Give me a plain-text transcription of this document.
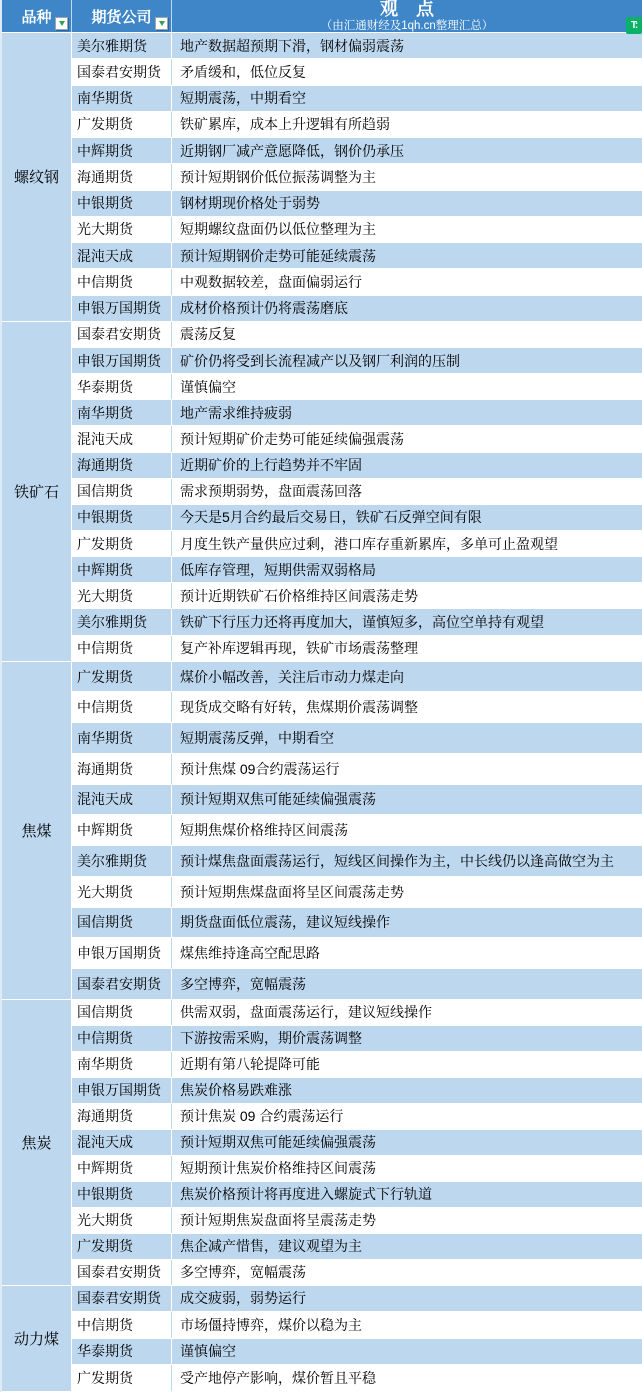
品种	期货公司	观　点
（由汇通财经及1qh.cn整理汇总）	T:
螺纹钢
美尔雅期货	地产数据超预期下滑，钢材偏弱震荡
国泰君安期货	矛盾缓和，低位反复
南华期货	短期震荡，中期看空
广发期货	铁矿累库，成本上升逻辑有所趋弱
中辉期货	近期钢厂减产意愿降低，钢价仍承压
海通期货	预计短期钢价低位振荡调整为主
中银期货	钢材期现价格处于弱势
光大期货	短期螺纹盘面仍以低位整理为主
混沌天成	预计短期钢价走势可能延续震荡
中信期货	中观数据较差，盘面偏弱运行
申银万国期货	成材价格预计仍将震荡磨底
铁矿石
国泰君安期货	震荡反复
申银万国期货	矿价仍将受到长流程减产以及钢厂利润的压制
华泰期货	谨慎偏空
南华期货	地产需求维持疲弱
混沌天成	预计短期矿价走势可能延续偏强震荡
海通期货	近期矿价的上行趋势并不牢固
国信期货	需求预期弱势，盘面震荡回落
中银期货	今天是5月合约最后交易日，铁矿石反弹空间有限
广发期货	月度生铁产量供应过剩，港口库存重新累库，多单可止盈观望
中辉期货	低库存管理，短期供需双弱格局
光大期货	预计近期铁矿石价格维持区间震荡走势
美尔雅期货	铁矿下行压力还将再度加大，谨慎短多，高位空单持有观望
中信期货	复产补库逻辑再现，铁矿市场震荡整理
焦煤
广发期货	煤价小幅改善，关注后市动力煤走向
中信期货	现货成交略有好转，焦煤期价震荡调整
南华期货	短期震荡反弹，中期看空
海通期货	预计焦煤 09合约震荡运行
混沌天成	预计短期双焦可能延续偏强震荡
中辉期货	短期焦煤价格维持区间震荡
美尔雅期货	预计煤焦盘面震荡运行，短线区间操作为主，中长线仍以逢高做空为主
光大期货	预计短期焦煤盘面将呈区间震荡走势
国信期货	期货盘面低位震荡，建议短线操作
申银万国期货	煤焦维持逢高空配思路
国泰君安期货	多空博弈，宽幅震荡
焦炭
国信期货	供需双弱，盘面震荡运行，建议短线操作
中信期货	下游按需采购，期价震荡调整
南华期货	近期有第八轮提降可能
申银万国期货	焦炭价格易跌难涨
海通期货	预计焦炭 09 合约震荡运行
混沌天成	预计短期双焦可能延续偏强震荡
中辉期货	短期预计焦炭价格维持区间震荡
中银期货	焦炭价格预计将再度进入螺旋式下行轨道
光大期货	预计短期焦炭盘面将呈震荡走势
广发期货	焦企减产惜售，建议观望为主
国泰君安期货	多空博弈，宽幅震荡
动力煤
国泰君安期货	成交疲弱，弱势运行
中信期货	市场僵持博弈，煤价以稳为主
华泰期货	谨慎偏空
广发期货	受产地停产影响，煤价暂且平稳
